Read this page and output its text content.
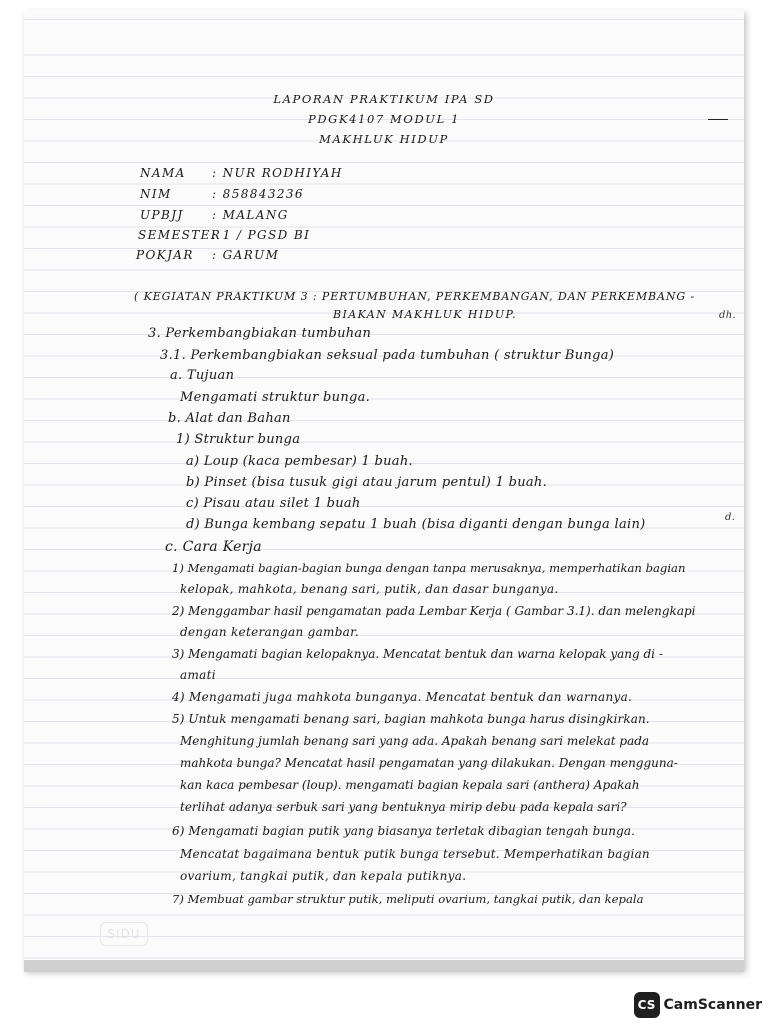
LAPORAN PRAKTIKUM IPA SD
PDGK4107 MODUL 1
MAKHLUK HIDUP
NAMA : NUR RODHIYAH
NIM	: 858843236
UPBJJ : MALANG
SEMESTER
: 1 / PGSD BI
POKJAR : GARUM
( KEGIATAN PRAKTIKUM 3 : PERTUMBUHAN, PERKEMBANGAN, DAN PERKEMBANG -
BIAKAN MAKHLUK HIDUP.	dh.
d.
3. Perkembangbiakan tumbuhan
3.1. Perkembangbiakan seksual pada tumbuhan ( struktur Bunga)
a. Tujuan
Mengamati struktur bunga.
b. Alat dan Bahan
1) Struktur bunga
a) Loup (kaca pembesar) 1 buah.
b) Pinset (bisa tusuk gigi atau jarum pentul) 1 buah.
c) Pisau atau silet 1 buah
d) Bunga kembang sepatu 1 buah (bisa diganti dengan bunga lain)
c. Cara Kerja
1) Mengamati bagian-bagian bunga dengan tanpa merusaknya, memperhatikan bagian
kelopak, mahkota, benang sari, putik, dan dasar bunganya.
2) Menggambar hasil pengamatan pada Lembar Kerja ( Gambar 3.1). dan melengkapi
dengan keterangan gambar.
3) Mengamati bagian kelopaknya. Mencatat bentuk dan warna kelopak yang di -
amati
4) Mengamati juga mahkota bunganya. Mencatat bentuk dan warnanya.
5) Untuk mengamati benang sari, bagian mahkota bunga harus disingkirkan.
Menghitung jumlah benang sari yang ada. Apakah benang sari melekat pada
mahkota bunga? Mencatat hasil pengamatan yang dilakukan. Dengan mengguna-
kan kaca pembesar (loup). mengamati bagian kepala sari (anthera) Apakah
terlihat adanya serbuk sari yang bentuknya mirip debu pada kepala sari?
6) Mengamati bagian putik yang biasanya terletak dibagian tengah bunga.
Mencatat bagaimana bentuk putik bunga tersebut. Memperhatikan bagian
ovarium, tangkai putik, dan kepala putiknya.
7) Membuat gambar struktur putik, meliputi ovarium, tangkai putik, dan kepala
SIDU
CS CamScanner
